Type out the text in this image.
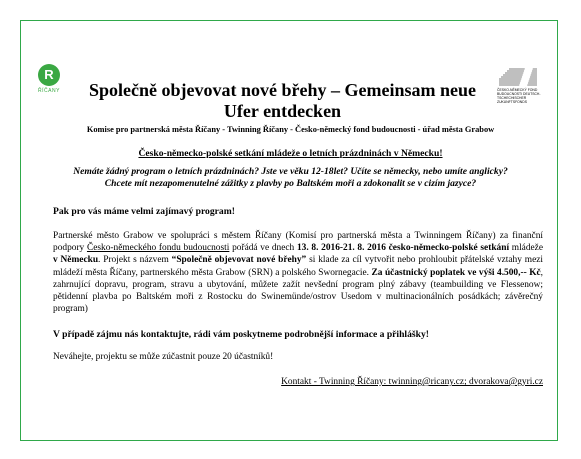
R
ŘÍČANY	ČESKO-NĚMECKÝ FOND BUDOUCNOSTI DEUTSCH-TSCHECHISCHER ZUKUNFTSFONDS
Společně objevovat nové břehy – Gemeinsam neue Ufer entdecken
Komise pro partnerská města Říčany - Twinning Říčany - Česko-německý fond budoucnosti - úřad města Grabow
Česko-německo-polské setkání mládeže o letních prázdninách v Německu!
Nemáte žádný program o letních prázdninách? Jste ve věku 12-18let? Učíte se německy, nebo umíte anglicky?
Chcete mít nezapomenutelné zážitky z plavby po Baltském moři a zdokonalit se v cizím jazyce?
Pak pro vás máme velmi zajímavý program!
Partnerské město Grabow ve spolupráci s městem Říčany (Komisí pro partnerská města a Twinningem Říčany) za finanční podpory Česko-německého fondu budoucnosti pořádá ve dnech 13. 8. 2016-21. 8. 2016 česko-německo-polské setkání mládeže v Německu. Projekt s názvem “Společně objevovat nové břehy” si klade za cíl vytvořit nebo prohloubit přátelské vztahy mezi mládeží města Říčany, partnerského města Grabow (SRN) a polského Swornegacie. Za účastnický poplatek ve výši 4.500,-- Kč, zahrnující dopravu, program, stravu a ubytování, můžete zažít nevšední program plný zábavy (teambuilding ve Flessenow; pětidenní plavba po Baltském moři z Rostocku do Swinemünde/ostrov Usedom v multinacionálních posádkách; závěrečný program)
V případě zájmu nás kontaktujte, rádi vám poskytneme podrobnější informace a přihlášky!
Neváhejte, projektu se může zúčastnit pouze 20 účastníků!
Kontakt - Twinning Říčany: twinning@ricany.cz; dvorakova@gyri.cz
